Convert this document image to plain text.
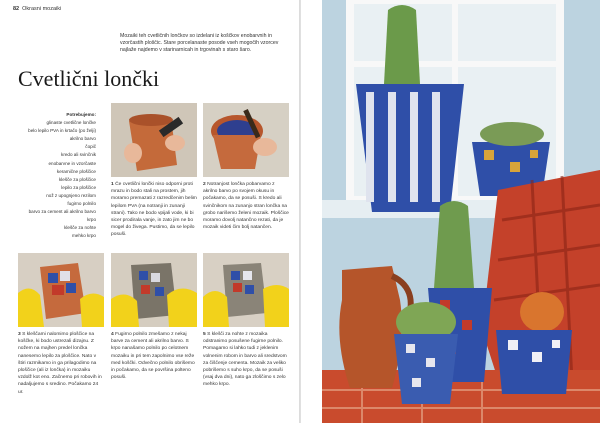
82 Okrasni mozaiki
Mozaiki teh cvetličnih lončkov so izdelani iz koščkov enobarvnih in vzorčastih ploščic. Stare porcelanaste posode vseh mogočih vzorcev najlaže najdemo v starinarnicah in trgovinah s staro šaro.
Cvetlični lončki
Potrebujemo:
glinaste cvetlične lončke
belo lepilo PVA in krtačo (po želji)
akrilno barvo
čopič
kredo ali svinčnik
enobarvne in vzorčaste
keramične ploščice
klešče za ploščice
lepilo za ploščice
nož z upognjeno rezilom
fugirno polnilo
barvo za cement ali akrilno barvo
krpo
klešče za nohte
mehko krpo
1 Če cvetlični lončki niso odporni proti mrazu in bodo stali na prostem, jih moramo premazati z razredčenim belim lepilom PVA (na notranji in zunanji strani). Tako ne bodo vpijali vode, ki bi sicer prodirala vanje, in zato jim ne bo mogel do živega. Pustimo, da se lepilo posuši.
2 Notranjost lončka pobarvamo z akrilno barvo po svojem okusu in počakamo, da se posuši. S kredo ali svinčnikom na zunanjo stran lončka na grobo narišemo želeni mozaik. Ploščice moramo dovolj natančno rezati, da je mozaik videti čim bolj natančen.
3 S kleščami nalomimo ploščice na koščke, ki bodo ustrezali dizajnu. Z nožem na majhen predel lončka nanesemo lepilo za ploščice. Nato v štiri razmikamo in ga prilagodimo na ploščice (ali iz lončka) in mozaiku vzdolž kot eno. Začnemo pri robovih in nadaljujemo s sredino. Počakamo 24 ur.
4 Fugirno polnilo zmešamo z nekaj barve za cement ali akrilno barvo. S krpo nanašamo polnilo po celotnem mozaiku in pri tem zapolnimo vse reže med koščki. Odvečno polnilo obrišemo in počakamo, da se površina polteno posuši.
5 S klešči za nohte z mozaika odstranimo posušene fugirne polnilo. Pomagamo si lahko tudi z jeklenim volnenim robom in barvo ali sredstvom za čiščenje cementa. Mozaik za veliko pobrišemo s suho krpo, da se posuši (vsaj dva dni), nato ga zloščimo s zelo mehko krpo.
